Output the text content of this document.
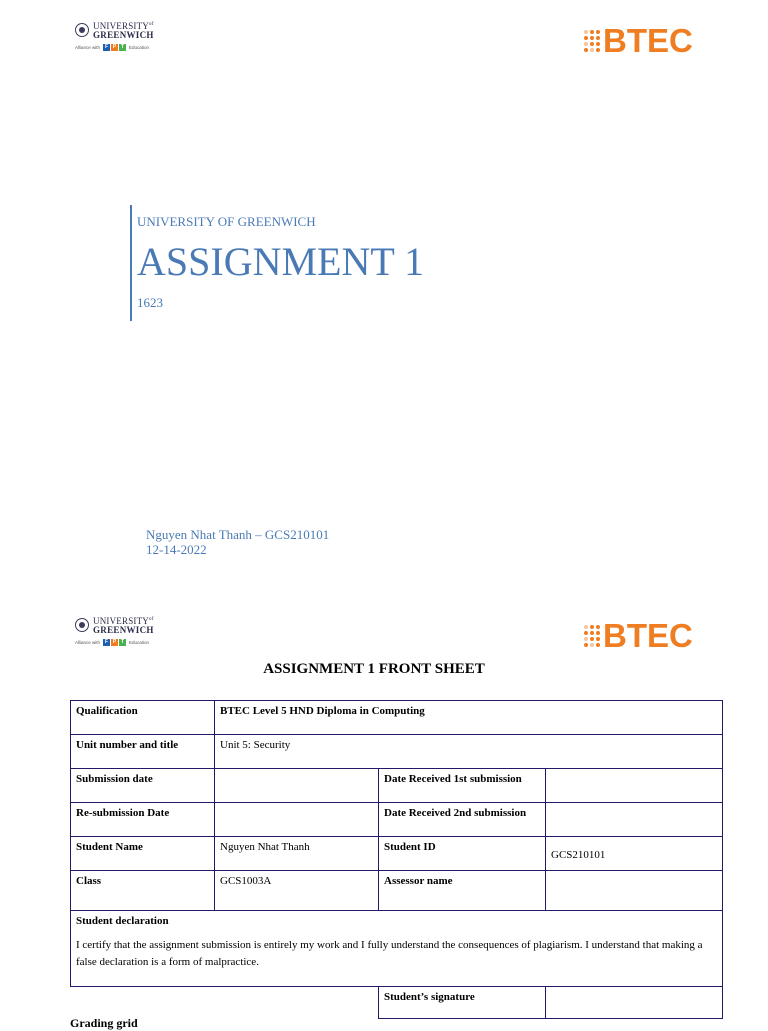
$UNIVERSITY^{of}$
GREENWICH
Alliance with F P T	Education	BTEC
UNIVERSITY OF GREENWICH
ASSIGNMENT 1
1623
Nguyen Nhat Thanh – GCS210101
12-14-2022
$UNIVERSITY^{of}$
GREENWICH
Alliance with F P T	Education	BTEC
ASSIGNMENT 1 FRONT SHEET
Qualification	BTEC Level 5 HND Diploma in Computing		
Unit number and title	Unit 5: Security		
Submission date		Date Received 1st submission	
Re-submission Date		Date Received 2nd submission	
Student Name	Nguyen Nhat Thanh	Student ID	GCS210101
Class	GCS1003A	Assessor name	

Student declaration
I certify that the assignment submission is entirely my work and I fully understand the consequences of plagiarism. I understand that making a false declaration is a form of malpractice.			

		Student’s signature	
Grading grid
